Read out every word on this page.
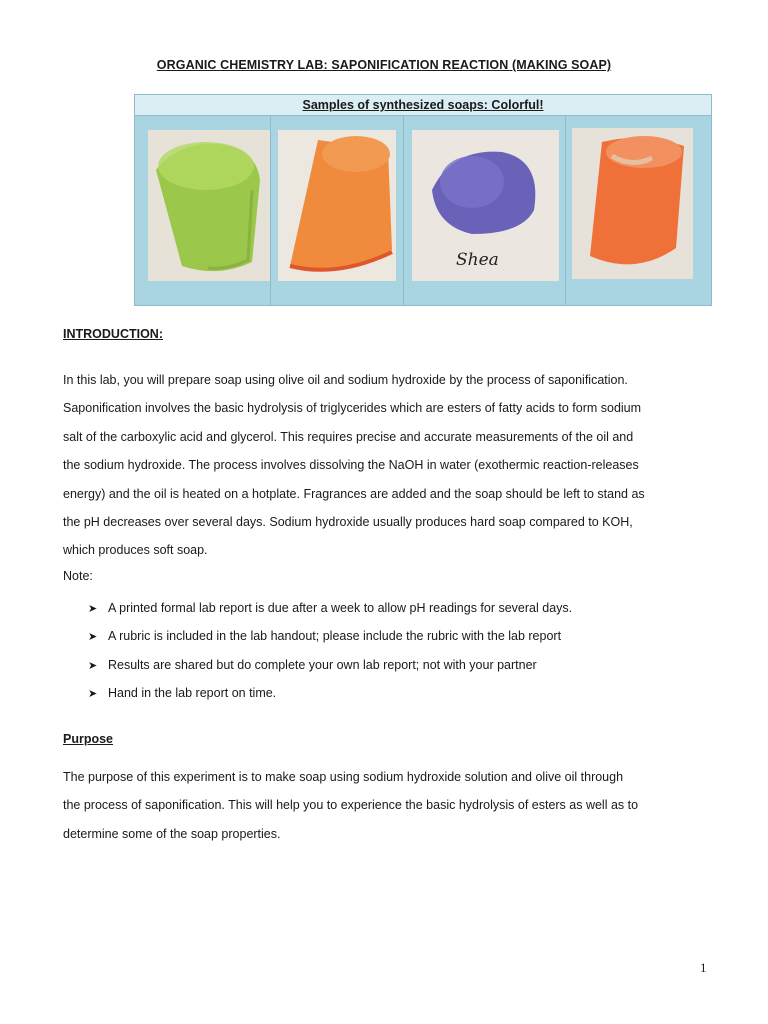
ORGANIC CHEMISTRY LAB: SAPONIFICATION REACTION (MAKING SOAP)
Samples of synthesized soaps: Colorful!
Shea
INTRODUCTION:

In this lab, you will prepare soap using olive oil and sodium hydroxide by the process of saponification.
Saponification involves the basic hydrolysis of triglycerides which are esters of fatty acids to form sodium
salt of the carboxylic acid and glycerol. This requires precise and accurate measurements of the oil and
the sodium hydroxide. The process involves dissolving the NaOH in water (exothermic reaction-releases
energy) and the oil is heated on a hotplate. Fragrances are added and the soap should be left to stand as
the pH decreases over several days. Sodium hydroxide usually produces hard soap compared to KOH,
which produces soft soap.

Note:
➤ A printed formal lab report is due after a week to allow pH readings for several days.
➤ A rubric is included in the lab handout; please include the rubric with the lab report
➤ Results are shared but do complete your own lab report; not with your partner
➤ Hand in the lab report on time.
Purpose

The purpose of this experiment is to make soap using sodium hydroxide solution and olive oil through
the process of saponification. This will help you to experience the basic hydrolysis of esters as well as to
determine some of the soap properties.

1
